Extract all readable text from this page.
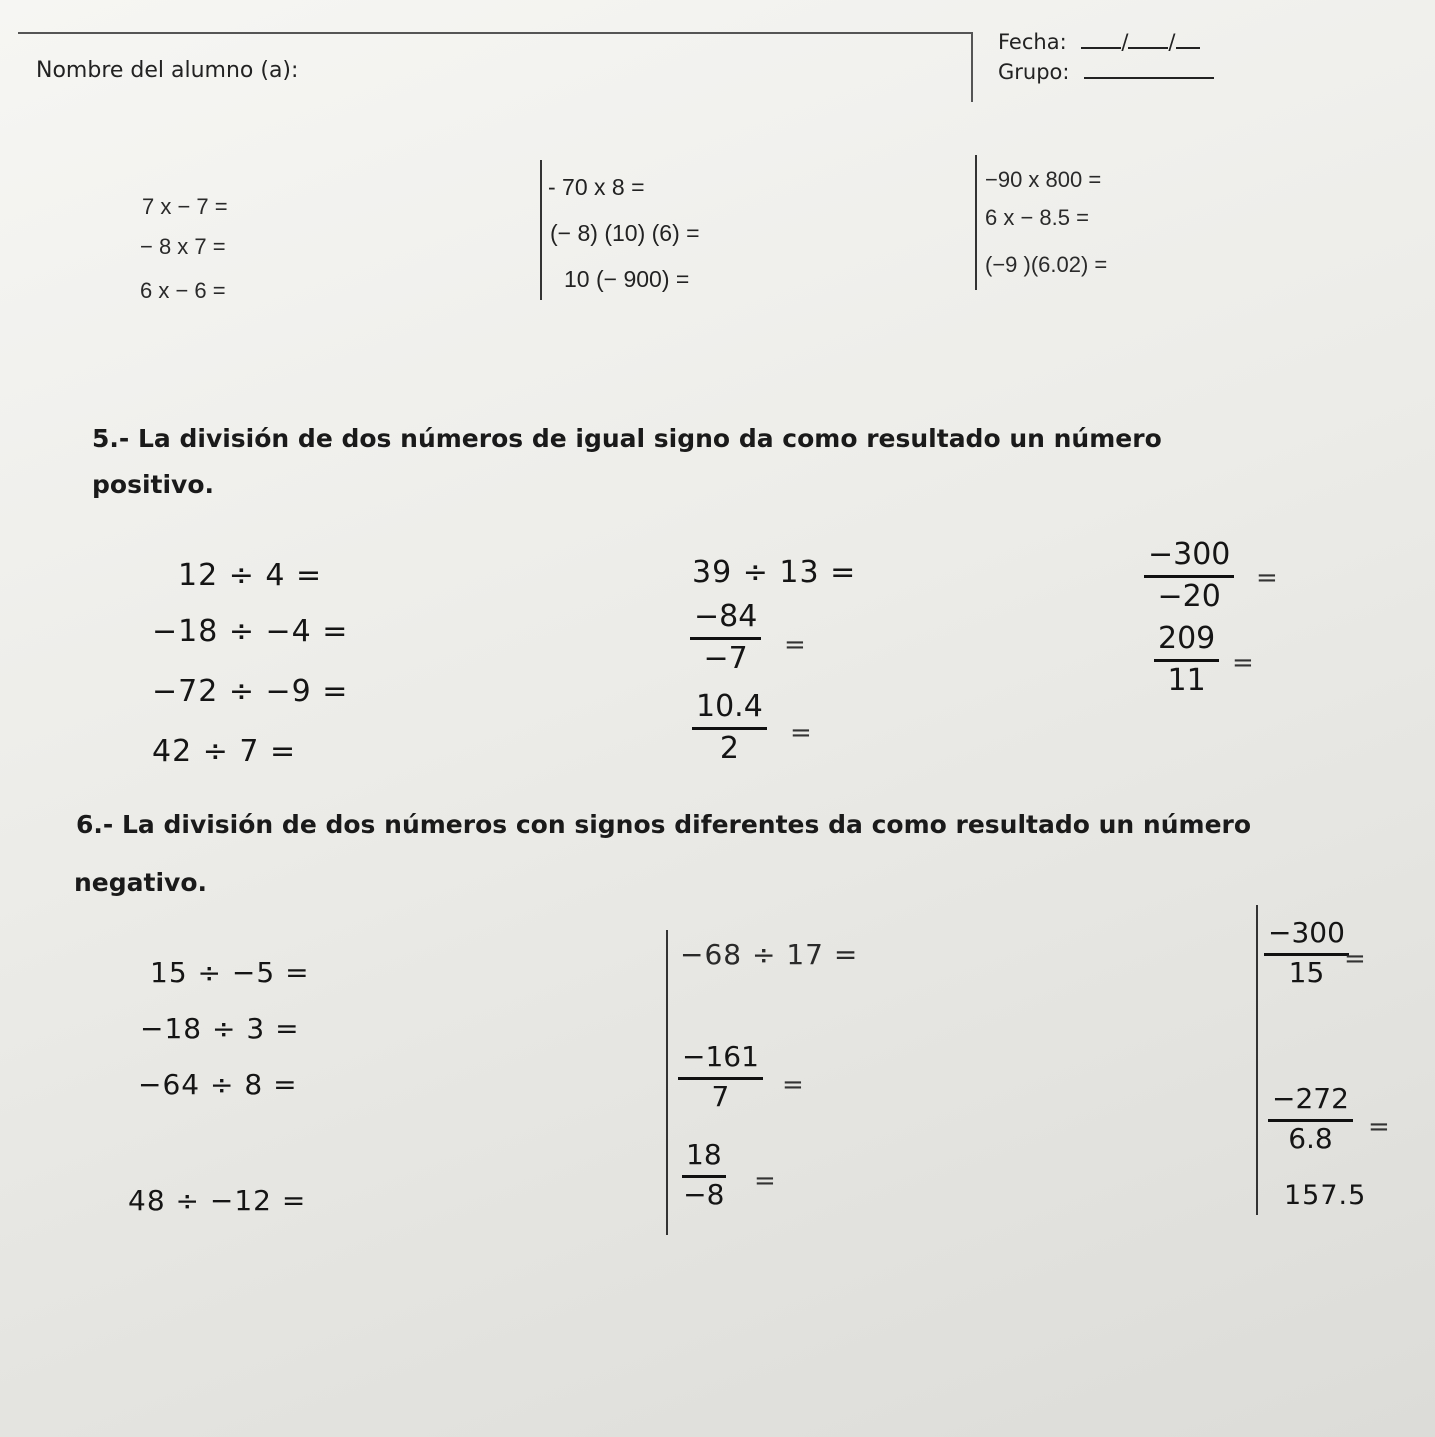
Nombre del alumno (a):
Fecha:	/ /
Grupo:
7 x − 7 =
− 8 x 7 =
6 x − 6 =
- 70 x 8 =
(− 8) (10) (6) =
10 (− 900) =
−90 x 800 =
6 x − 8.5 =
(−9 )(6.02) =
5.- La división de dos números de igual signo da como resultado un número
positivo.
12 ÷ 4 =
−18 ÷ −4 =
−72 ÷ −9 =
42 ÷ 7 =
39 ÷ 13 =
$\frac{-84}{-7}$ =
$\frac{10.4}{2}$ =
$\frac{-300}{-20}$ =
$\frac{209}{11}$ =
6.- La división de dos números con signos diferentes da como resultado un número
negativo.
15 ÷ −5 =
−18 ÷ 3 =
−64 ÷ 8 =
48 ÷ −12 =
−68 ÷ 17 =
$\frac{-161}{7}$ =
$\frac{18}{-8}$ =
$\frac{-300}{15}$
=
$\frac{-272}{6.8}$ =
157.5
